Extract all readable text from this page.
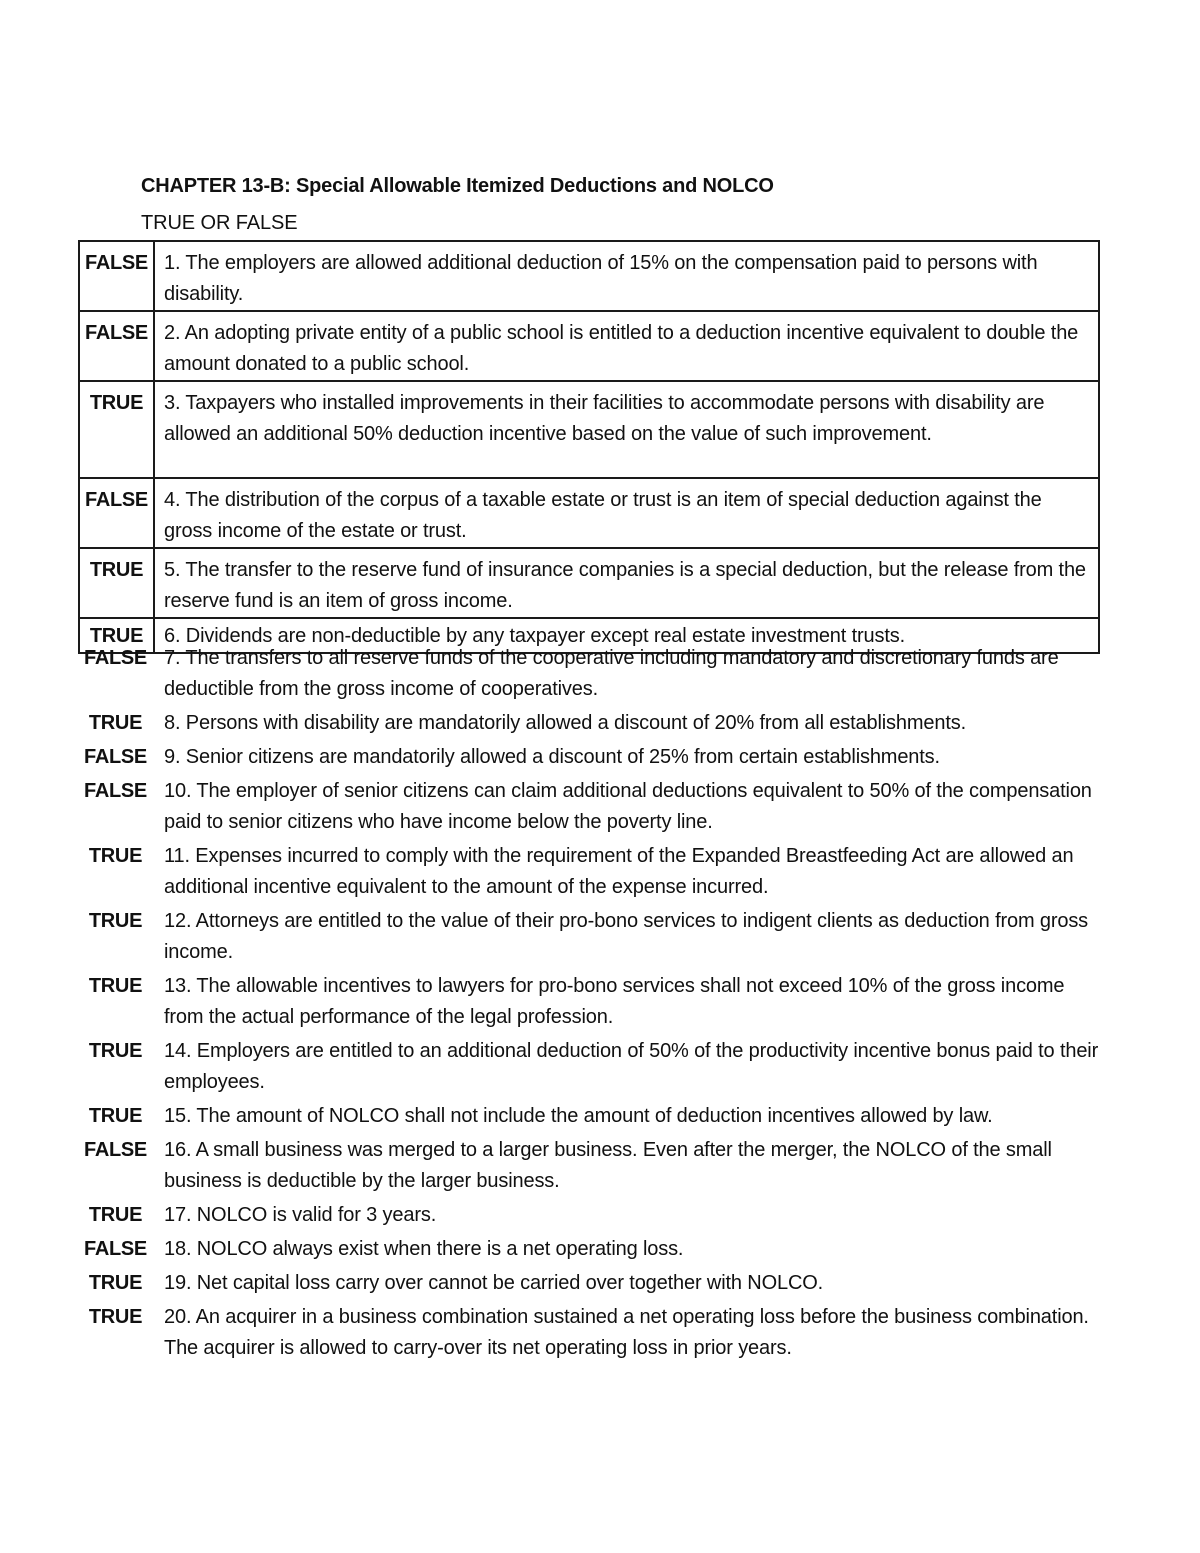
CHAPTER 13-B: Special Allowable Itemized Deductions and NOLCO
TRUE OR FALSE
FALSE	1. The employers are allowed additional deduction of 15% on the compensation paid to persons with disability.
FALSE	2. An adopting private entity of a public school is entitled to a deduction incentive equivalent to double the amount donated to a public school.
TRUE	3. Taxpayers who installed improvements in their facilities to accommodate persons with disability are allowed an additional 50% deduction incentive based on the value of such improvement.
FALSE	4. The distribution of the corpus of a taxable estate or trust is an item of special deduction against the gross income of the estate or trust.
TRUE	5. The transfer to the reserve fund of insurance companies is a special deduction, but the release from the reserve fund is an item of gross income.
TRUE	6. Dividends are non-deductible by any taxpayer except real estate investment trusts.
FALSE 7. The transfers to all reserve funds of the cooperative including mandatory and discretionary funds are deductible from the gross income of cooperatives.
TRUE	8. Persons with disability are mandatorily allowed a discount of 20% from all establishments.
FALSE 9. Senior citizens are mandatorily allowed a discount of 25% from certain establishments.
FALSE 10. The employer of senior citizens can claim additional deductions equivalent to 50% of the compensation paid to senior citizens who have income below the poverty line.
TRUE	11. Expenses incurred to comply with the requirement of the Expanded Breastfeeding Act are allowed an additional incentive equivalent to the amount of the expense incurred.
TRUE	12. Attorneys are entitled to the value of their pro-bono services to indigent clients as deduction from gross income.
TRUE	13. The allowable incentives to lawyers for pro-bono services shall not exceed 10% of the gross income from the actual performance of the legal profession.
TRUE	14. Employers are entitled to an additional deduction of 50% of the productivity incentive bonus paid to their employees.
TRUE	15. The amount of NOLCO shall not include the amount of deduction incentives allowed by law.
FALSE 16. A small business was merged to a larger business. Even after the merger, the NOLCO of the small business is deductible by the larger business.
TRUE	17. NOLCO is valid for 3 years.
FALSE 18. NOLCO always exist when there is a net operating loss.
TRUE	19. Net capital loss carry over cannot be carried over together with NOLCO.
TRUE	20. An acquirer in a business combination sustained a net operating loss before the business combination. The acquirer is allowed to carry-over its net operating loss in prior years.
